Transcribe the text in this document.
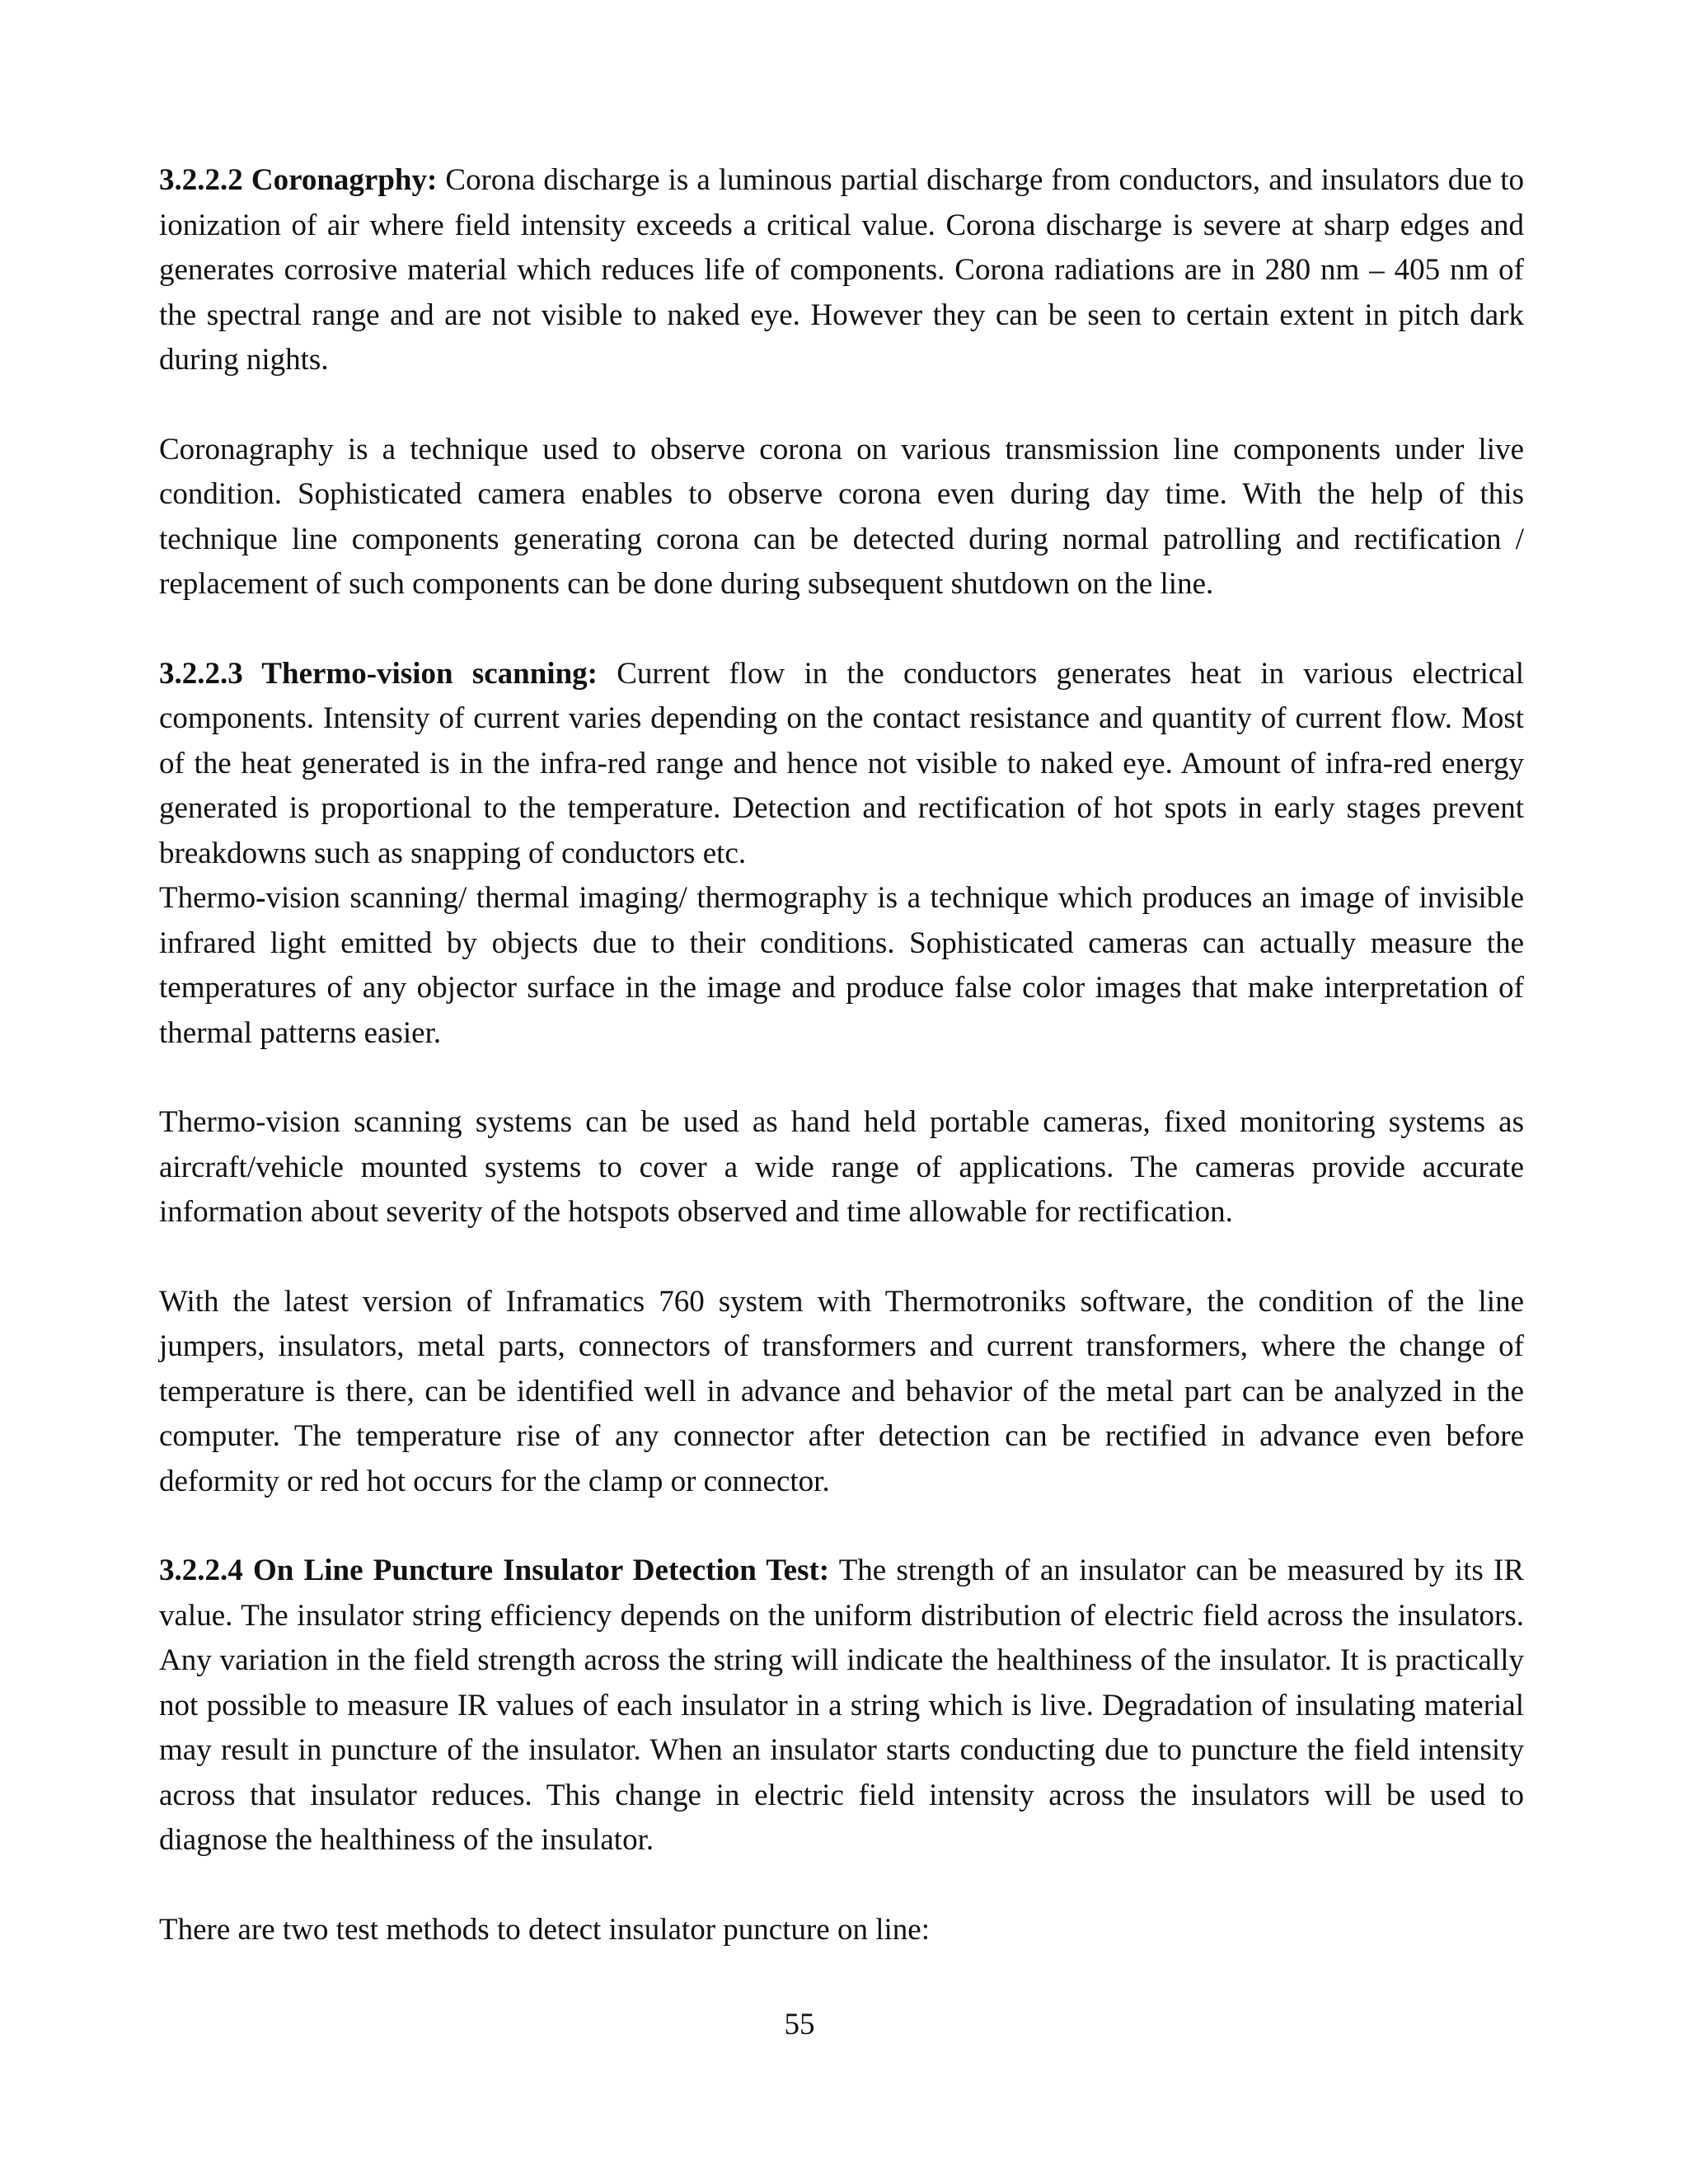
3.2.2.2 Coronagrphy: Corona discharge is a luminous partial discharge from conductors, and insulators due to ionization of air where field intensity exceeds a critical value. Corona discharge is severe at sharp edges and generates corrosive material which reduces life of components. Corona radiations are in 280 nm – 405 nm of the spectral range and are not visible to naked eye. However they can be seen to certain extent in pitch dark during nights.

Coronagraphy is a technique used to observe corona on various transmission line components under live condition. Sophisticated camera enables to observe corona even during day time. With the help of this technique line components generating corona can be detected during normal patrolling and rectification / replacement of such components can be done during subsequent shutdown on the line.

3.2.2.3 Thermo-vision scanning: Current flow in the conductors generates heat in various electrical components. Intensity of current varies depending on the contact resistance and quantity of current flow. Most of the heat generated is in the infra-red range and hence not visible to naked eye. Amount of infra-red energy generated is proportional to the temperature. Detection and rectification of hot spots in early stages prevent breakdowns such as snapping of conductors etc.

Thermo-vision scanning/ thermal imaging/ thermography is a technique which produces an image of invisible infrared light emitted by objects due to their conditions. Sophisticated cameras can actually measure the temperatures of any objector surface in the image and produce false color images that make interpretation of thermal patterns easier.

Thermo-vision scanning systems can be used as hand held portable cameras, fixed monitoring systems as aircraft/vehicle mounted systems to cover a wide range of applications. The cameras provide accurate information about severity of the hotspots observed and time allowable for rectification.

With the latest version of Inframatics 760 system with Thermotroniks software, the condition of the line jumpers, insulators, metal parts, connectors of transformers and current transformers, where the change of temperature is there, can be identified well in advance and behavior of the metal part can be analyzed in the computer. The temperature rise of any connector after detection can be rectified in advance even before deformity or red hot occurs for the clamp or connector.

3.2.2.4 On Line Puncture Insulator Detection Test: The strength of an insulator can be measured by its IR value. The insulator string efficiency depends on the uniform distribution of electric field across the insulators. Any variation in the field strength across the string will indicate the healthiness of the insulator. It is practically not possible to measure IR values of each insulator in a string which is live. Degradation of insulating material may result in puncture of the insulator. When an insulator starts conducting due to puncture the field intensity across that insulator reduces. This change in electric field intensity across the insulators will be used to diagnose the healthiness of the insulator.

There are two test methods to detect insulator puncture on line:

55
